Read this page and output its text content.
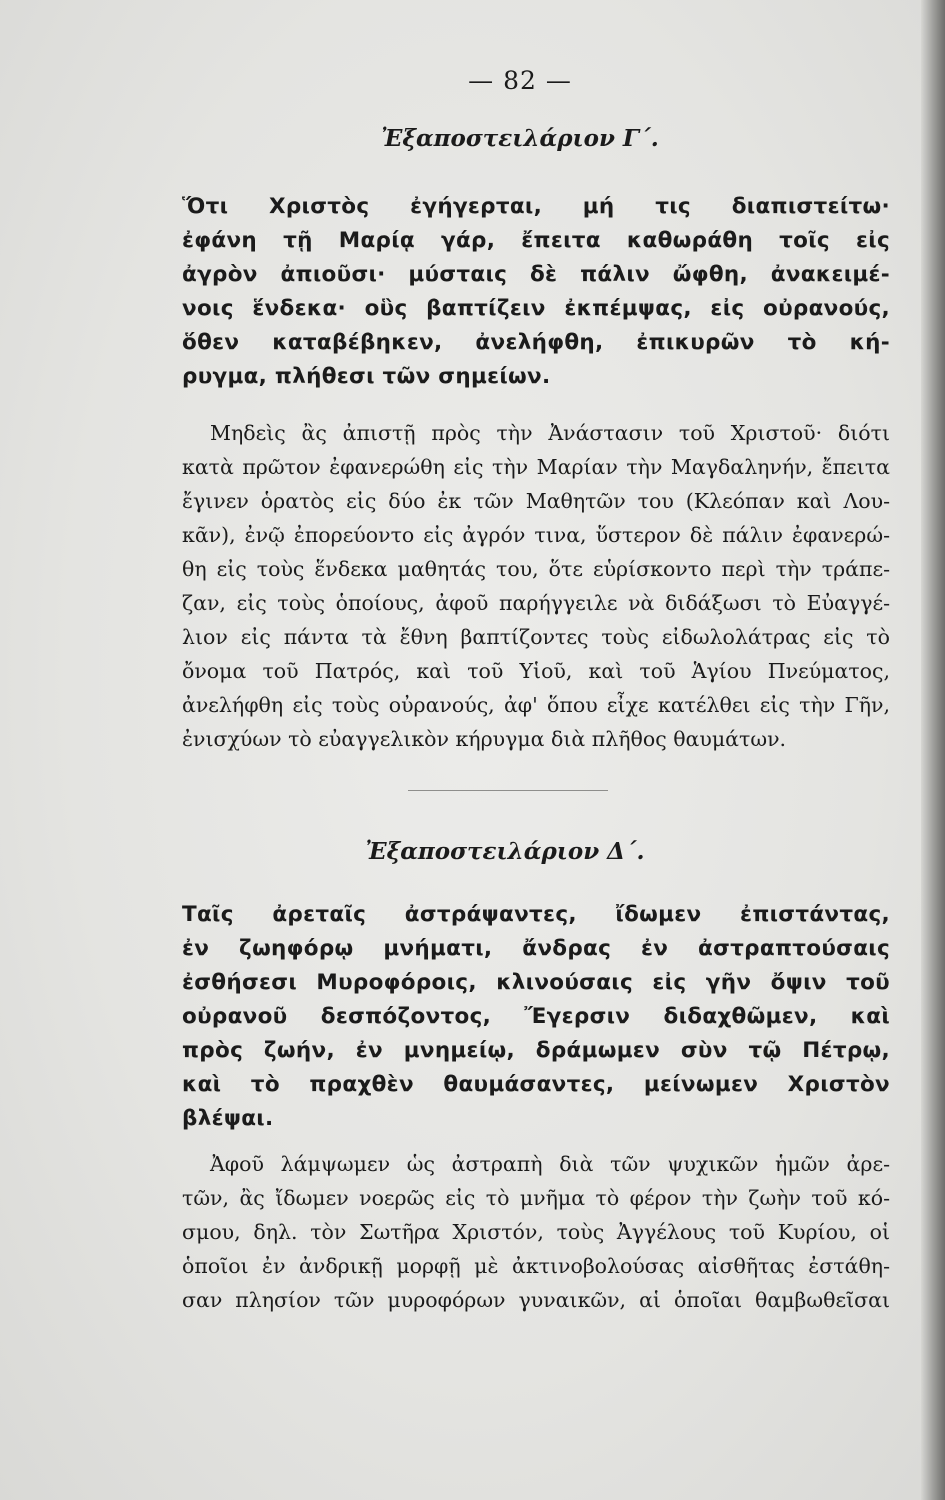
— 82 —
Ἐξαποστειλάριον Γ΄.
Ὅτι Χριστὸς ἐγήγερται, μή τις διαπιστείτω·
ἐφάνη τῇ Μαρίᾳ γάρ, ἔπειτα καθωράθη τοῖς εἰς
ἀγρὸν ἀπιοῦσι· μύσταις δὲ πάλιν ὤφθη, ἀνακειμέ-
νοις ἕνδεκα· οὓς βαπτίζειν ἐκπέμψας, εἰς οὐρανούς,
ὅθεν καταβέβηκεν, ἀνελήφθη, ἐπικυρῶν τὸ κή-
ρυγμα, πλήθεσι τῶν σημείων.
Μηδεὶς ἂς ἀπιστῇ πρὸς τὴν Ἀνάστασιν τοῦ Χριστοῦ· διότι
κατὰ πρῶτον ἐφανερώθη εἰς τὴν Μαρίαν τὴν Μαγδαληνήν, ἔπειτα
ἔγινεν ὁρατὸς εἰς δύο ἐκ τῶν Μαθητῶν του (Κλεόπαν καὶ Λου-
κᾶν), ἐνῷ ἐπορεύοντο εἰς ἀγρόν τινα, ὕστερον δὲ πάλιν ἐφανερώ-
θη εἰς τοὺς ἕνδεκα μαθητάς του, ὅτε εὑρίσκοντο περὶ τὴν τράπε-
ζαν, εἰς τοὺς ὁποίους, ἀφοῦ παρήγγειλε νὰ διδάξωσι τὸ Εὐαγγέ-
λιον εἰς πάντα τὰ ἔθνη βαπτίζοντες τοὺς εἰδωλολάτρας εἰς τὸ
ὄνομα τοῦ Πατρός, καὶ τοῦ Υἱοῦ, καὶ τοῦ Ἁγίου Πνεύματος,
ἀνελήφθη εἰς τοὺς οὐρανούς, ἀφ' ὅπου εἶχε κατέλθει εἰς τὴν Γῆν,
ἐνισχύων τὸ εὐαγγελικὸν κήρυγμα διὰ πλῆθος θαυμάτων.
Ἐξαποστειλάριον Δ΄.
Ταῖς ἀρεταῖς ἀστράψαντες, ἴδωμεν ἐπιστάντας,
ἐν ζωηφόρῳ μνήματι, ἄνδρας ἐν ἀστραπτούσαις
ἐσθήσεσι Μυροφόροις, κλινούσαις εἰς γῆν ὄψιν τοῦ
οὐρανοῦ δεσπόζοντος, Ἔγερσιν διδαχθῶμεν, καὶ
πρὸς ζωήν, ἐν μνημείῳ, δράμωμεν σὺν τῷ Πέτρῳ,
καὶ τὸ πραχθὲν θαυμάσαντες, μείνωμεν Χριστὸν
βλέψαι.
Ἀφοῦ λάμψωμεν ὡς ἀστραπὴ διὰ τῶν ψυχικῶν ἡμῶν ἀρε-
τῶν, ἂς ἴδωμεν νοερῶς εἰς τὸ μνῆμα τὸ φέρον τὴν ζωὴν τοῦ κό-
σμου, δηλ. τὸν Σωτῆρα Χριστόν, τοὺς Ἀγγέλους τοῦ Κυρίου, οἱ
ὁποῖοι ἐν ἀνδρικῇ μορφῇ μὲ ἀκτινοβολούσας αἰσθῆτας ἐστάθη-
σαν πλησίον τῶν μυροφόρων γυναικῶν, αἱ ὁποῖαι θαμβωθεῖσαι
